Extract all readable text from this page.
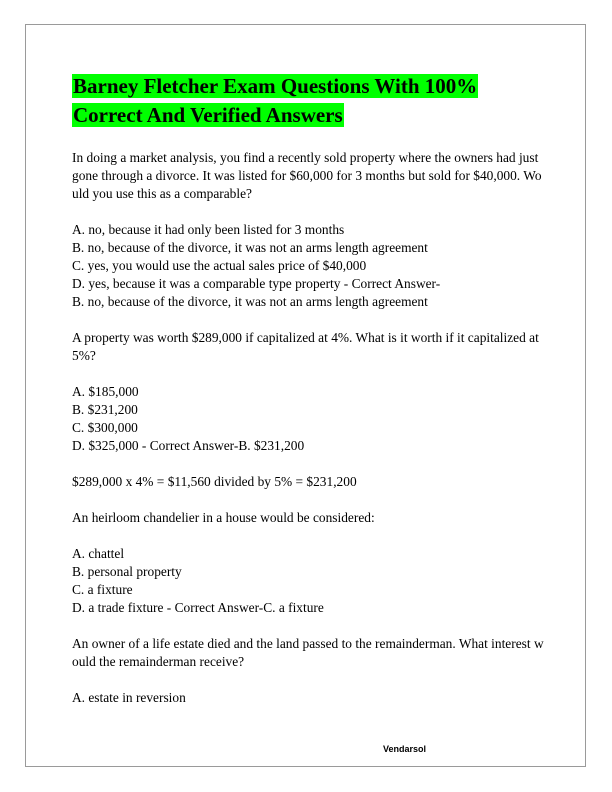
Barney Fletcher Exam Questions With 100% Correct And Verified Answers

In doing a market analysis, you find a recently sold property where the owners had just gone through a divorce. It was listed for $60,000 for 3 months but sold for $40,000. Would you use this as a comparable?

A. no, because it had only been listed for 3 months

B. no, because of the divorce, it was not an arms length agreement

C. yes, you would use the actual sales price of $40,000

D. yes, because it was a comparable type property - Correct Answer-

B. no, because of the divorce, it was not an arms length agreement

A property was worth $289,000 if capitalized at 4%. What is it worth if it capitalized at 5%?

A. $185,000

B. $231,200

C. $300,000

D. $325,000 - Correct Answer-B. $231,200

$289,000 x 4% = $11,560 divided by 5% = $231,200

An heirloom chandelier in a house would be considered:

A. chattel

B. personal property

C. a fixture

D. a trade fixture - Correct Answer-C. a fixture

An owner of a life estate died and the land passed to the remainderman. What interest would the remainderman receive?

A. estate in reversion

Vendarsol
